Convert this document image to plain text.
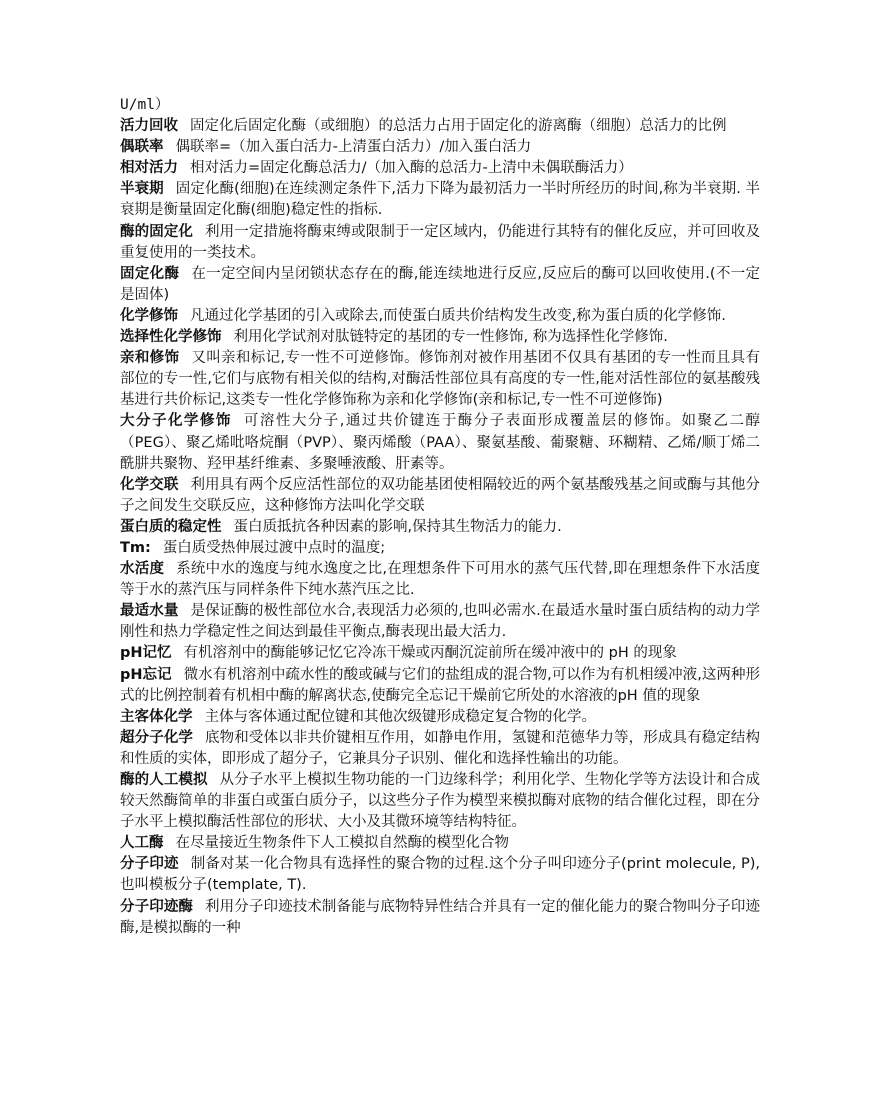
U/ml）

活力回收 固定化后固定化酶（或细胞）的总活力占用于固定化的游离酶（细胞）总活力的比例

偶联率 偶联率=（加入蛋白活力-上清蛋白活力）/加入蛋白活力

相对活力 相对活力=固定化酶总活力/（加入酶的总活力-上清中未偶联酶活力）

半衰期 固定化酶(细胞)在连续测定条件下,活力下降为最初活力一半时所经历的时间,称为半衰期. 半衰期是衡量固定化酶(细胞)稳定性的指标.

酶的固定化 利用一定措施将酶束缚或限制于一定区域内，仍能进行其特有的催化反应，并可回收及重复使用的一类技术。

固定化酶 在一定空间内呈闭锁状态存在的酶,能连续地进行反应,反应后的酶可以回收使用.(不一定是固体)

化学修饰 凡通过化学基团的引入或除去,而使蛋白质共价结构发生改变,称为蛋白质的化学修饰.

选择性化学修饰 利用化学试剂对肽链特定的基团的专一性修饰, 称为选择性化学修饰.

亲和修饰 又叫亲和标记,专一性不可逆修饰。修饰剂对被作用基团不仅具有基团的专一性而且具有部位的专一性,它们与底物有相关似的结构,对酶活性部位具有高度的专一性,能对活性部位的氨基酸残基进行共价标记,这类专一性化学修饰称为亲和化学修饰(亲和标记,专一性不可逆修饰)

大分子化学修饰 可溶性大分子,通过共价键连于酶分子表面形成覆盖层的修饰。如聚乙二醇（PEG）、聚乙烯吡咯烷酮（PVP）、聚丙烯酸（PAA）、聚氨基酸、葡聚糖、环糊精、乙烯/顺丁烯二酰肼共聚物、羟甲基纤维素、多聚唾液酸、肝素等。

化学交联 利用具有两个反应活性部位的双功能基团使相隔较近的两个氨基酸残基之间或酶与其他分子之间发生交联反应，这种修饰方法叫化学交联

蛋白质的稳定性 蛋白质抵抗各种因素的影响,保持其生物活力的能力.

Tm: 蛋白质受热伸展过渡中点时的温度;

水活度 系统中水的逸度与纯水逸度之比,在理想条件下可用水的蒸气压代替,即在理想条件下水活度等于水的蒸汽压与同样条件下纯水蒸汽压之比.

最适水量 是保证酶的极性部位水合,表现活力必须的,也叫必需水.在最适水量时蛋白质结构的动力学刚性和热力学稳定性之间达到最佳平衡点,酶表现出最大活力.

pH记忆 有机溶剂中的酶能够记忆它冷冻干燥或丙酮沉淀前所在缓冲液中的 pH 的现象

pH忘记 微水有机溶剂中疏水性的酸或碱与它们的盐组成的混合物,可以作为有机相缓冲液,这两种形式的比例控制着有机相中酶的解离状态,使酶完全忘记干燥前它所处的水溶液的pH 值的现象

主客体化学 主体与客体通过配位键和其他次级键形成稳定复合物的化学。

超分子化学 底物和受体以非共价键相互作用，如静电作用，氢键和范德华力等，形成具有稳定结构和性质的实体，即形成了超分子，它兼具分子识别、催化和选择性输出的功能。

酶的人工模拟 从分子水平上模拟生物功能的一门边缘科学；利用化学、生物化学等方法设计和合成较天然酶简单的非蛋白或蛋白质分子，以这些分子作为模型来模拟酶对底物的结合催化过程，即在分子水平上模拟酶活性部位的形状、大小及其微环境等结构特征。

人工酶 在尽量接近生物条件下人工模拟自然酶的模型化合物

分子印迹 制备对某一化合物具有选择性的聚合物的过程.这个分子叫印迹分子(print molecule, P),也叫模板分子(template, T).

分子印迹酶 利用分子印迹技术制备能与底物特异性结合并具有一定的催化能力的聚合物叫分子印迹酶,是模拟酶的一种
